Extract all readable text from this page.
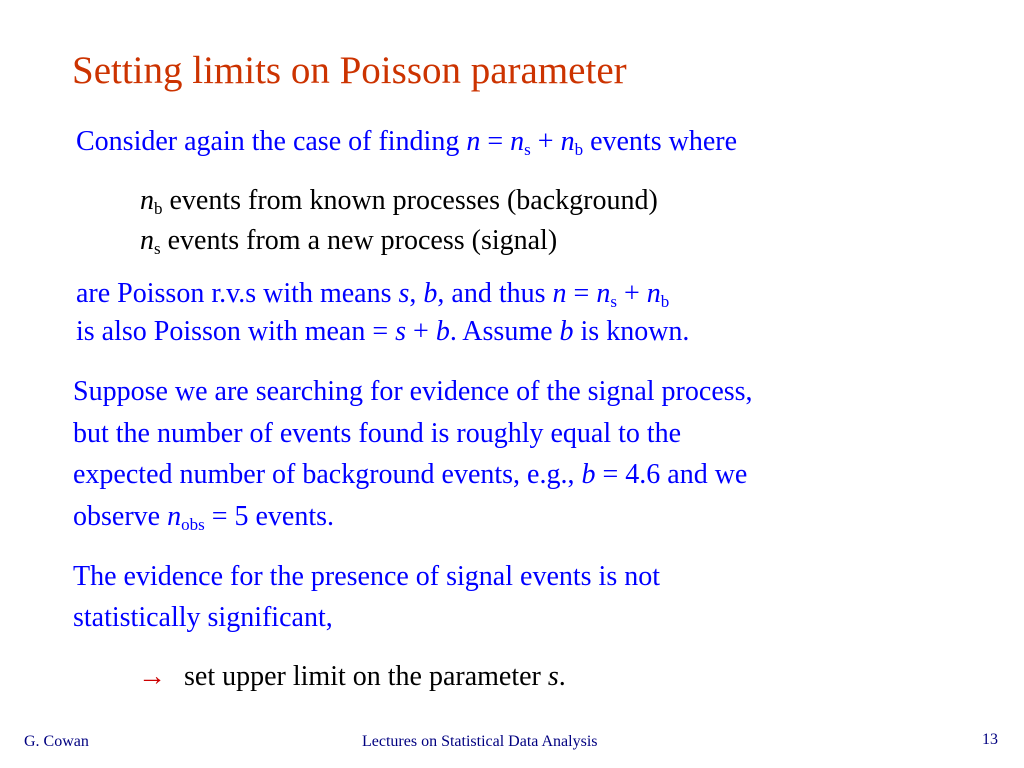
Setting limits on Poisson parameter
Consider again the case of finding $n = n_s + n_b$ events where
$n_b$ events from known processes (background)
$n_s$ events from a new process (signal)
are Poisson r.v.s with means s, b, and thus $n = n_s + n_b$
is also Poisson with mean = s + b. Assume b is known.
Suppose we are searching for evidence of the signal process,
but the number of events found is roughly equal to the
expected number of background events, e.g., b = 4.6 and we
observe $n_{obs} = 5$ events.
The evidence for the presence of signal events is not
statistically significant,
→ set upper limit on the parameter s.
G. Cowan	Lectures on Statistical Data Analysis	13
